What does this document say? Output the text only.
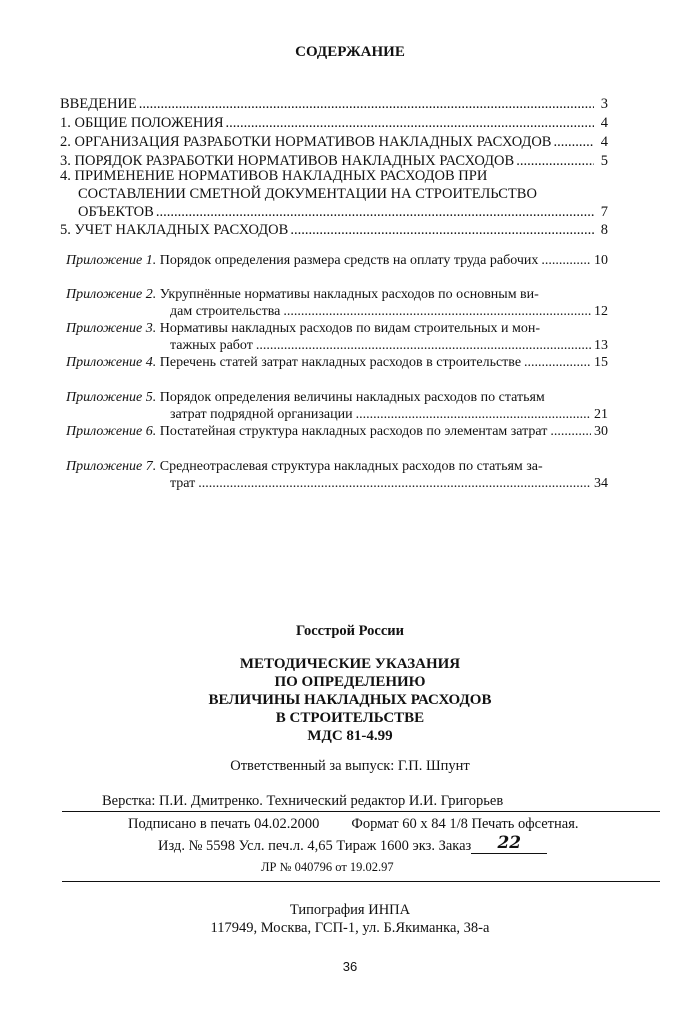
СОДЕРЖАНИЕ
ВВЕДЕНИЕ .....	3
1. ОБЩИЕ ПОЛОЖЕНИЯ .....	4
2. ОРГАНИЗАЦИЯ РАЗРАБОТКИ НОРМАТИВОВ НАКЛАДНЫХ РАСХОДОВ .....	4
3. ПОРЯДОК РАЗРАБОТКИ НОРМАТИВОВ НАКЛАДНЫХ РАСХОДОВ .....	5
4. ПРИМЕНЕНИЕ НОРМАТИВОВ НАКЛАДНЫХ РАСХОДОВ ПРИ
СОСТАВЛЕНИИ СМЕТНОЙ ДОКУМЕНТАЦИИ НА СТРОИТЕЛЬСТВО
ОБЪЕКТОВ .....	7
5. УЧЕТ НАКЛАДНЫХ РАСХОДОВ .....	8
Приложение 1. Порядок определения размера средств на оплату труда рабочих .....	10
Приложение 2. Укрупнённые нормативы накладных расходов по основным ви-
дам строительства .....	12
Приложение 3. Нормативы накладных расходов по видам строительных и мон-
тажных работ .....	13
Приложение 4. Перечень статей затрат накладных расходов в строительстве .....	15
Приложение 5. Порядок определения величины накладных расходов по статьям
затрат подрядной организации .....	21
Приложение 6. Постатейная структура накладных расходов по элементам затрат .....	30
Приложение 7. Среднеотраслевая структура накладных расходов по статьям за-
трат .....	34
Госстрой России
МЕТОДИЧЕСКИЕ УКАЗАНИЯ
ПО ОПРЕДЕЛЕНИЮ
ВЕЛИЧИНЫ НАКЛАДНЫХ РАСХОДОВ
В СТРОИТЕЛЬСТВЕ
МДС 81-4.99
Ответственный за выпуск: Г.П. Шпунт
Верстка: П.И. Дмитренко. Технический редактор И.И. Григорьев
Подписано в печать 04.02.2000 Формат 60 x 84 1/8 Печать офсетная.
Изд. № 5598 Усл. печ.л. 4,65 Тираж 1600 экз. Заказ 22
ЛР № 040796 от 19.02.97
Типография ИНПА
117949, Москва, ГСП-1, ул. Б.Якиманка, 38-а
36
